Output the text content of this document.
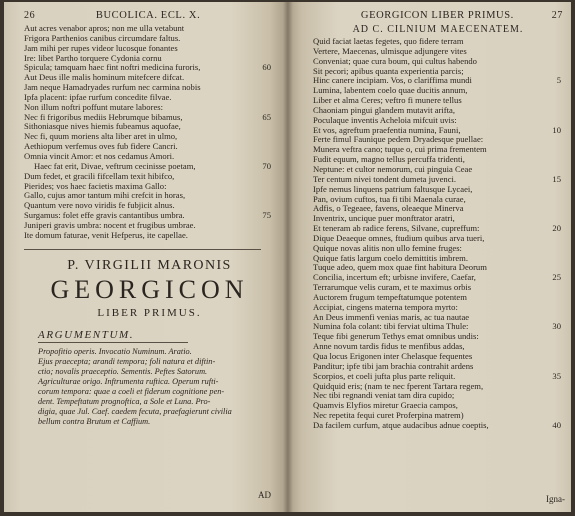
26	BUCOLICA. ECL. X.
Aut acres venabor apros; non me ulla vetabunt
Frigora Parthenios canibus circumdare faltus.
Jam mihi per rupes videor lucosque fonantes
Ire: libet Partho torquere Cydonia cornu
Spicula; tamquam haec fint noftri medicina furoris,	60
Aut Deus ille malis hominum mitefcere difcat.
Jam neque Hamadryades rurfum nec carmina nobis
Ipfa placent: ipfae rurfum concedite filvae.
Non illum noftri poffunt mutare labores:
Nec fi frigoribus mediis Hebrumque bibamus,	65
Sithoniasque nives hiemis fubeamus aquofae,
Nec fi, quum moriens alta liber aret in ulmo,
Aethiopum verfemus oves fub fidere Cancri.
Omnia vincit Amor: et nos cedamus Amori.
Haec fat erit, Divae, veftrum cecinisse poetam,	70
Dum fedet, et gracili fifcellam texit hibifco,
Pierides; vos haec facietis maxima Gallo:
Gallo, cujus amor tantum mihi crefcit in horas,
Quantum vere novo viridis fe fubjicit alnus.
Surgamus: folet effe gravis cantantibus umbra.	75
Juniperi gravis umbra: nocent et frugibus umbrae.
Ite domum faturae, venit Hefperus, ite capellae.
P. VIRGILII MARONIS
GEORGICON
LIBER PRIMUS.
ARGUMENTUM.
Propofitio operis. Invocatio Numinum. Aratio.
Ejus praecepta; arandi tempora; foli natura et diftin-
ctio; novalis praeceptio. Sementis. Peftes Satorum.
Agriculturae origo. Inftrumenta ruftica. Operum rufti-
corum tempora: quae a coeli et fiderum cognitione pen-
dent. Tempeftatum prognoftica, a Sole et Luna. Pro-
digia, quae Jul. Caef. caedem fecuta, praefagierunt civilia
bellum contra Brutum et Caffium.
AD
GEORGICON LIBER PRIMUS.	27
AD C. CILNIUM MAECENATEM.
Quid faciat laetas fegetes, quo fidere terram
Vertere, Maecenas, ulmisque adjungere vites
Conveniat; quae cura boum, qui cultus habendo
Sit pecori; apibus quanta experientia parcis;
Hinc canere incipiam. Vos, o clariffima mundi	5
Lumina, labentem coelo quae ducitis annum,
Liber et alma Ceres; veftro fi munere tellus
Chaoniam pingui glandem mutavit arifta,
Poculaque inventis Acheloia mifcuit uvis:
Et vos, agreftum praefentia numina, Fauni,	10
Ferte fimul Faunique pedem Dryadesque puellae:
Munera veftra cano; tuque o, cui prima frementem
Fudit equum, magno tellus percuffa tridenti,
Neptune: et cultor nemorum, cui pinguia Ceae
Ter centum nivei tondent dumeta juvenci.	15
Ipfe nemus linquens patrium faltusque Lycaei,
Pan, ovium cuftos, tua fi tibi Maenala curae,
Adfis, o Tegeaee, favens, oleaeque Minerva
Inventrix, uncique puer monftrator aratri,
Et teneram ab radice ferens, Silvane, cupreffum:	20
Dique Deaeque omnes, ftudium quibus arva tueri,
Quique novas alitis non ullo femine fruges:
Quique fatis largum coelo demittitis imbrem.
Tuque adeo, quem mox quae fint habitura Deorum
Concilia, incertum eft; urbisne invifere, Caefar,	25
Terrarumque velis curam, et te maximus orbis
Auctorem frugum tempeftatumque potentem
Accipiat, cingens materna tempora myrto:
An Deus immenfi venias maris, ac tua nautae
Numina fola colant: tibi ferviat ultima Thule:	30
Teque fibi generum Tethys emat omnibus undis:
Anne novum tardis fidus te menfibus addas,
Qua locus Erigonen inter Chelasque fequentes
Panditur; ipfe tibi jam brachia contrahit ardens
Scorpios, et coeli jufta plus parte reliquit.	35
Quidquid eris; (nam te nec fperent Tartara regem,
Nec tibi regnandi veniat tam dira cupido;
Quamvis Elyfios miretur Graecia campos,
Nec repetita fequi curet Proferpina matrem)
Da facilem curfum, atque audacibus adnue coeptis,	40
Igna-
